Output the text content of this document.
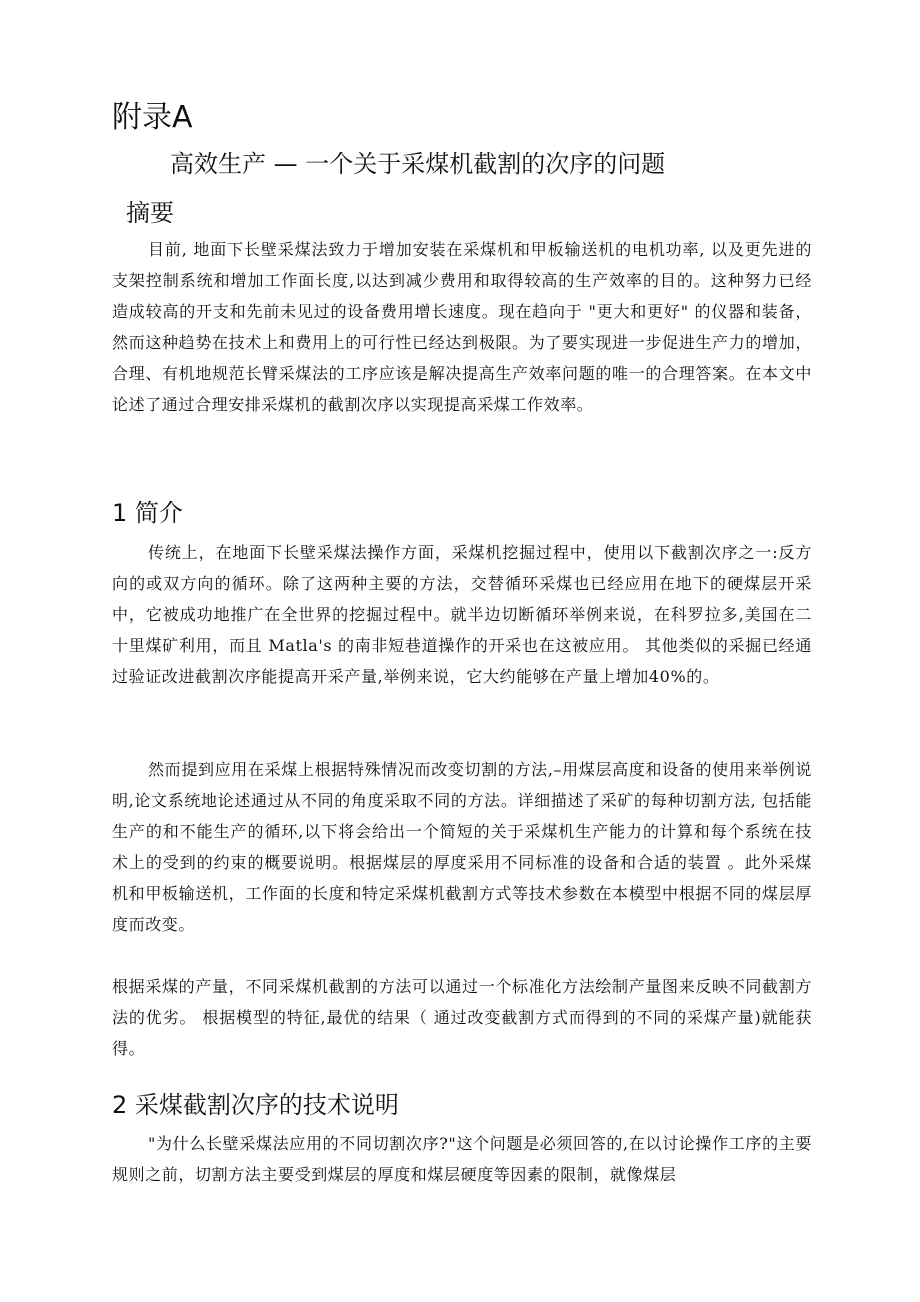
附录A
高效生产 — 一个关于采煤机截割的次序的问题
摘要

目前, 地面下长壁采煤法致力于增加安装在采煤机和甲板输送机的电机功率, 以及更先进的支架控制系统和增加工作面长度,以达到减少费用和取得较高的生产效率的目的。这种努力已经造成较高的开支和先前未见过的设备费用增长速度。现在趋向于 "更大和更好" 的仪器和装备，然而这种趋势在技术上和费用上的可行性已经达到极限。为了要实现进一步促进生产力的增加，合理、有机地规范长臂采煤法的工序应该是解决提高生产效率问题的唯一的合理答案。在本文中论述了通过合理安排采煤机的截割次序以实现提高采煤工作效率。

1 简介

传统上，在地面下长壁采煤法操作方面，采煤机挖掘过程中，使用以下截割次序之一:反方向的或双方向的循环。除了这两种主要的方法，交替循环采煤也已经应用在地下的硬煤层开采中，它被成功地推广在全世界的挖掘过程中。就半边切断循环举例来说，在科罗拉多,美国在二十里煤矿利用，而且 Matla's 的南非短巷道操作的开采也在这被应用。 其他类似的采掘已经通过验证改进截割次序能提高开采产量,举例来说，它大约能够在产量上增加40%的。

然而提到应用在采煤上根据特殊情况而改变切割的方法,–用煤层高度和设备的使用来举例说明,论文系统地论述通过从不同的角度采取不同的方法。详细描述了采矿的每种切割方法, 包括能生产的和不能生产的循环,以下将会给出一个简短的关于采煤机生产能力的计算和每个系统在技术上的受到的约束的概要说明。根据煤层的厚度采用不同标准的设备和合适的装置 。此外采煤机和甲板输送机，工作面的长度和特定采煤机截割方式等技术参数在本模型中根据不同的煤层厚度而改变。

根据采煤的产量，不同采煤机截割的方法可以通过一个标准化方法绘制产量图来反映不同截割方法的优劣。 根据模型的特征,最优的结果（ 通过改变截割方式而得到的不同的采煤产量)就能获得。

2 采煤截割次序的技术说明

"为什么长壁采煤法应用的不同切割次序?"这个问题是必须回答的,在以讨论操作工序的主要规则之前，切割方法主要受到煤层的厚度和煤层硬度等因素的限制，就像煤层
